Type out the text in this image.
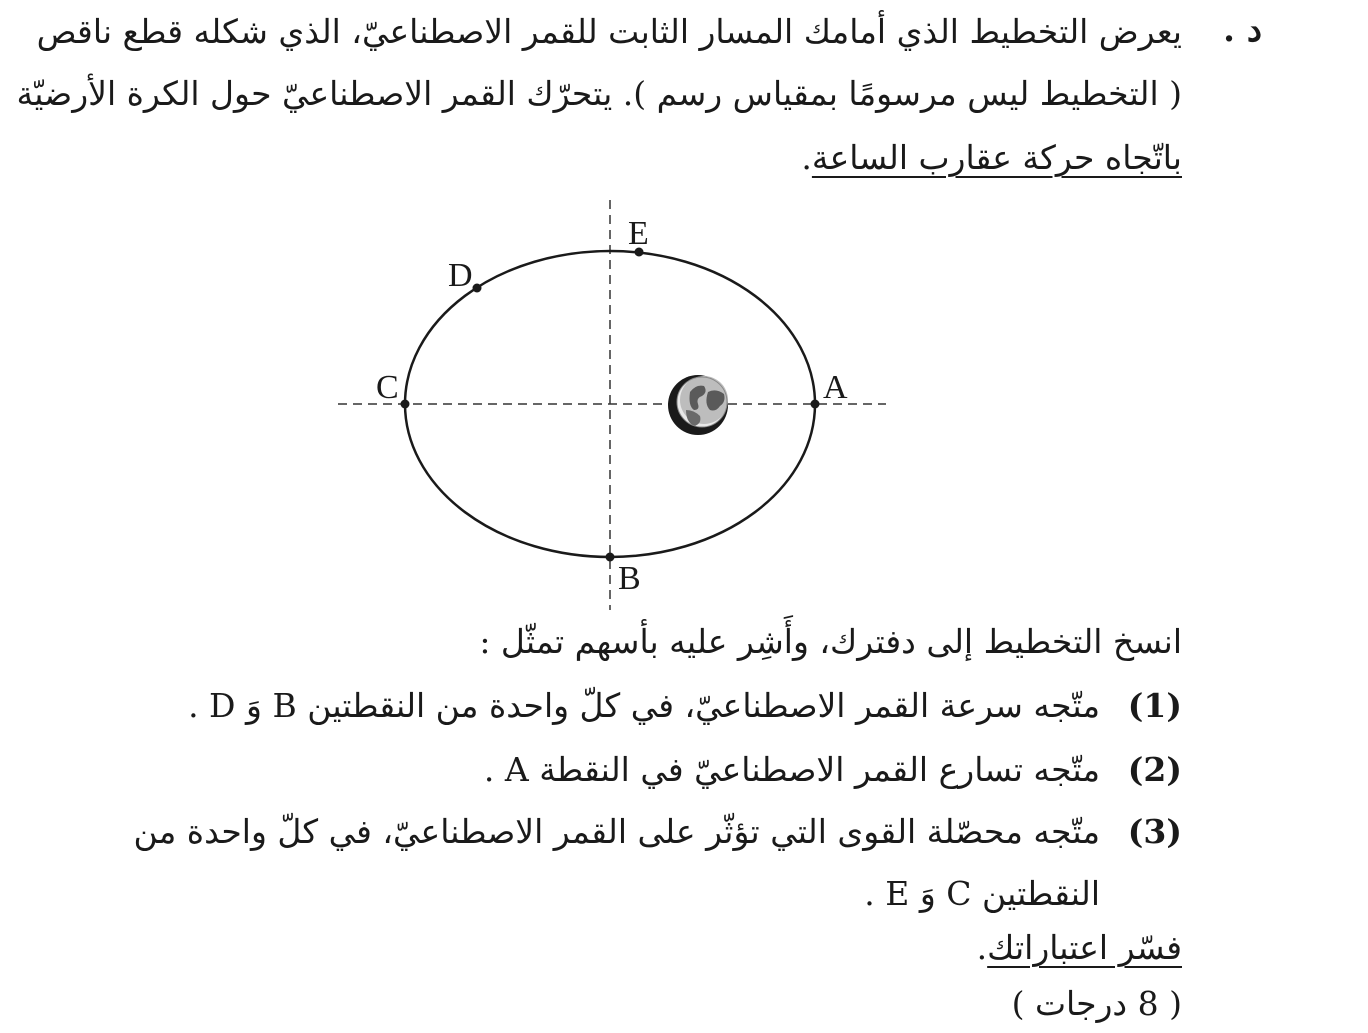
د .
يعرض التخطيط الذي أمامك المسار الثابت للقمر الاصطناعيّ، الذي شكله قطع ناقص
( التخطيط ليس مرسومًا بمقياس رسم ). يتحرّك القمر الاصطناعيّ حول الكرة الأرضيّة
باتّجاه حركة عقارب الساعة.
A
B
C
D
E
انسخ التخطيط إلى دفترك، وأَشِر عليه بأسهم تمثّل :
(1)
متّجه سرعة القمر الاصطناعيّ، في كلّ واحدة من النقطتين B وَ D .
(2)
متّجه تسارع القمر الاصطناعيّ في النقطة A .
(3)
متّجه محصّلة القوى التي تؤثّر على القمر الاصطناعيّ، في كلّ واحدة من
النقطتين C وَ E .
فسّر اعتباراتك.
( 8 درجات )
